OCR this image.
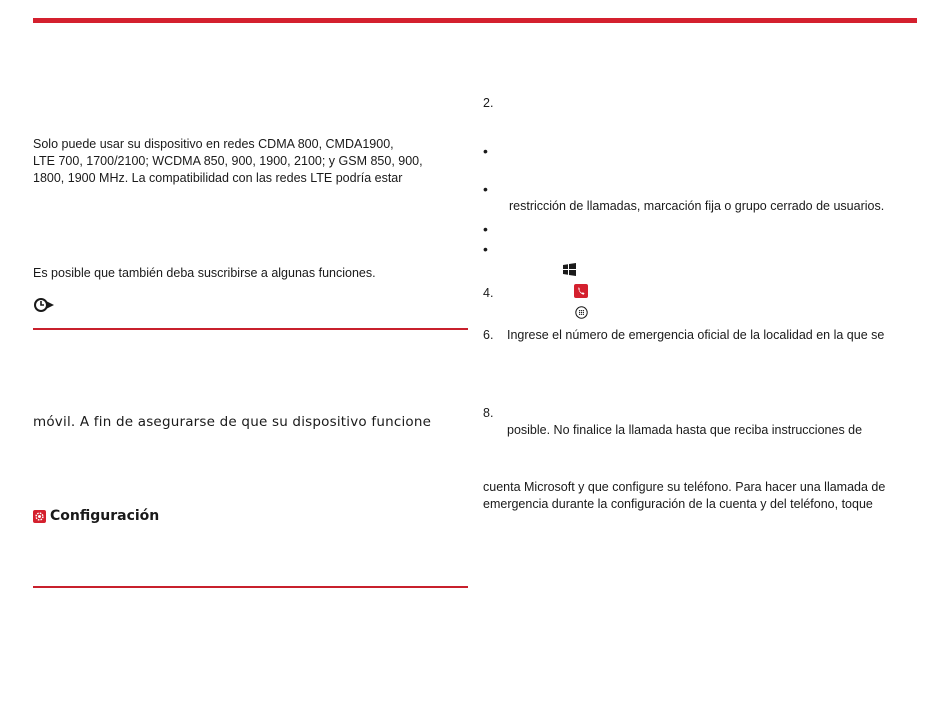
Solo puede usar su dispositivo en redes CDMA 800, CMDA1900,
LTE 700, 1700/2100; WCDMA 850, 900, 1900, 2100; y GSM 850, 900,
1800, 1900 MHz. La compatibilidad con las redes LTE podría estar
Es posible que también deba suscribirse a algunas funciones.
móvil. A fin de asegurarse de que su dispositivo funcione
Configuración
2.
•
•
restricción de llamadas, marcación fija o grupo cerrado de usuarios.
•
•
4.
6. Ingrese el número de emergencia oficial de la localidad en la que se
8.
posible. No finalice la llamada hasta que reciba instrucciones de
cuenta Microsoft y que configure su teléfono. Para hacer una llamada de
emergencia durante la configuración de la cuenta y del teléfono, toque
